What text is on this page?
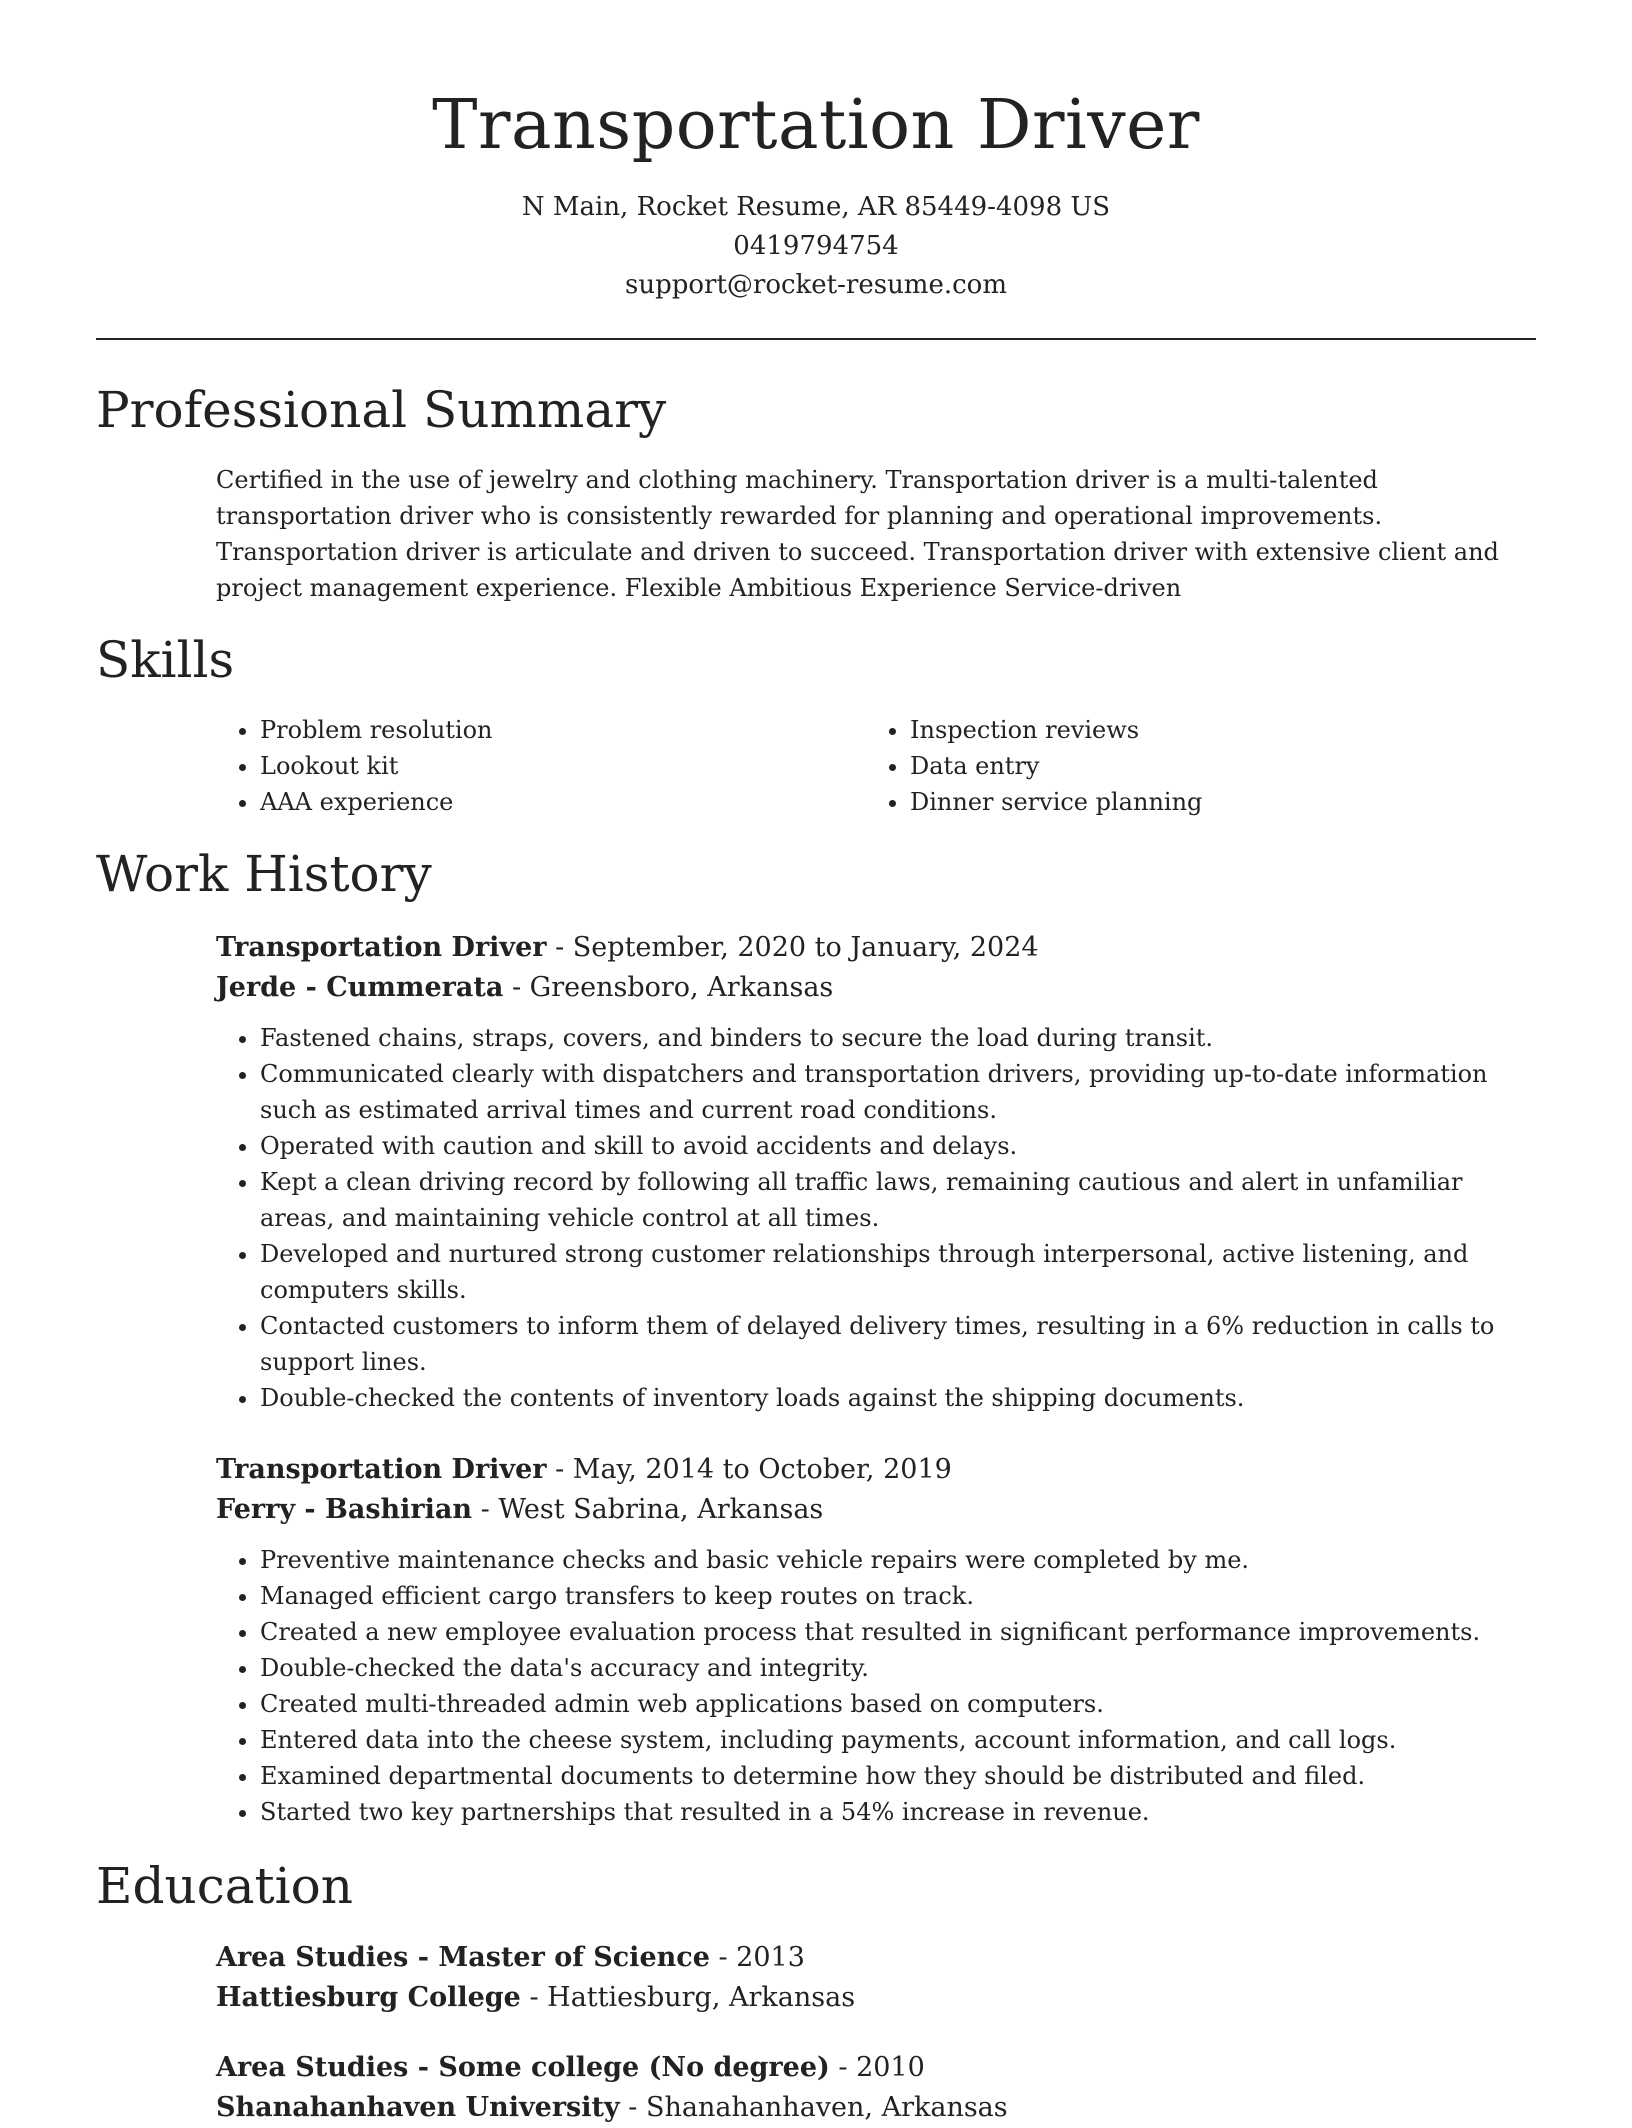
Transportation Driver
N Main, Rocket Resume, AR 85449-4098 US
0419794754
support@rocket-resume.com
Professional Summary
Certified in the use of jewelry and clothing machinery. Transportation driver is a multi-talented transportation driver who is consistently rewarded for planning and operational improvements. Transportation driver is articulate and driven to succeed. Transportation driver with extensive client and project management experience. Flexible Ambitious Experience Service-driven
Skills
• Problem resolution
• Lookout kit
• AAA experience
• Inspection reviews
• Data entry
• Dinner service planning
Work History
Transportation Driver - September, 2020 to January, 2024
Jerde - Cummerata - Greensboro, Arkansas
• Fastened chains, straps, covers, and binders to secure the load during transit.
• Communicated clearly with dispatchers and transportation drivers, providing up-to-date information such as estimated arrival times and current road conditions.
• Operated with caution and skill to avoid accidents and delays.
• Kept a clean driving record by following all traffic laws, remaining cautious and alert in unfamiliar areas, and maintaining vehicle control at all times.
• Developed and nurtured strong customer relationships through interpersonal, active listening, and computers skills.
• Contacted customers to inform them of delayed delivery times, resulting in a 6% reduction in calls to support lines.
• Double-checked the contents of inventory loads against the shipping documents.
Transportation Driver - May, 2014 to October, 2019
Ferry - Bashirian - West Sabrina, Arkansas
• Preventive maintenance checks and basic vehicle repairs were completed by me.
• Managed efficient cargo transfers to keep routes on track.
• Created a new employee evaluation process that resulted in significant performance improvements.
• Double-checked the data's accuracy and integrity.
• Created multi-threaded admin web applications based on computers.
• Entered data into the cheese system, including payments, account information, and call logs.
• Examined departmental documents to determine how they should be distributed and filed.
• Started two key partnerships that resulted in a 54% increase in revenue.
Education
Area Studies - Master of Science - 2013
Hattiesburg College - Hattiesburg, Arkansas
Area Studies - Some college (No degree) - 2010
Shanahanhaven University - Shanahanhaven, Arkansas
